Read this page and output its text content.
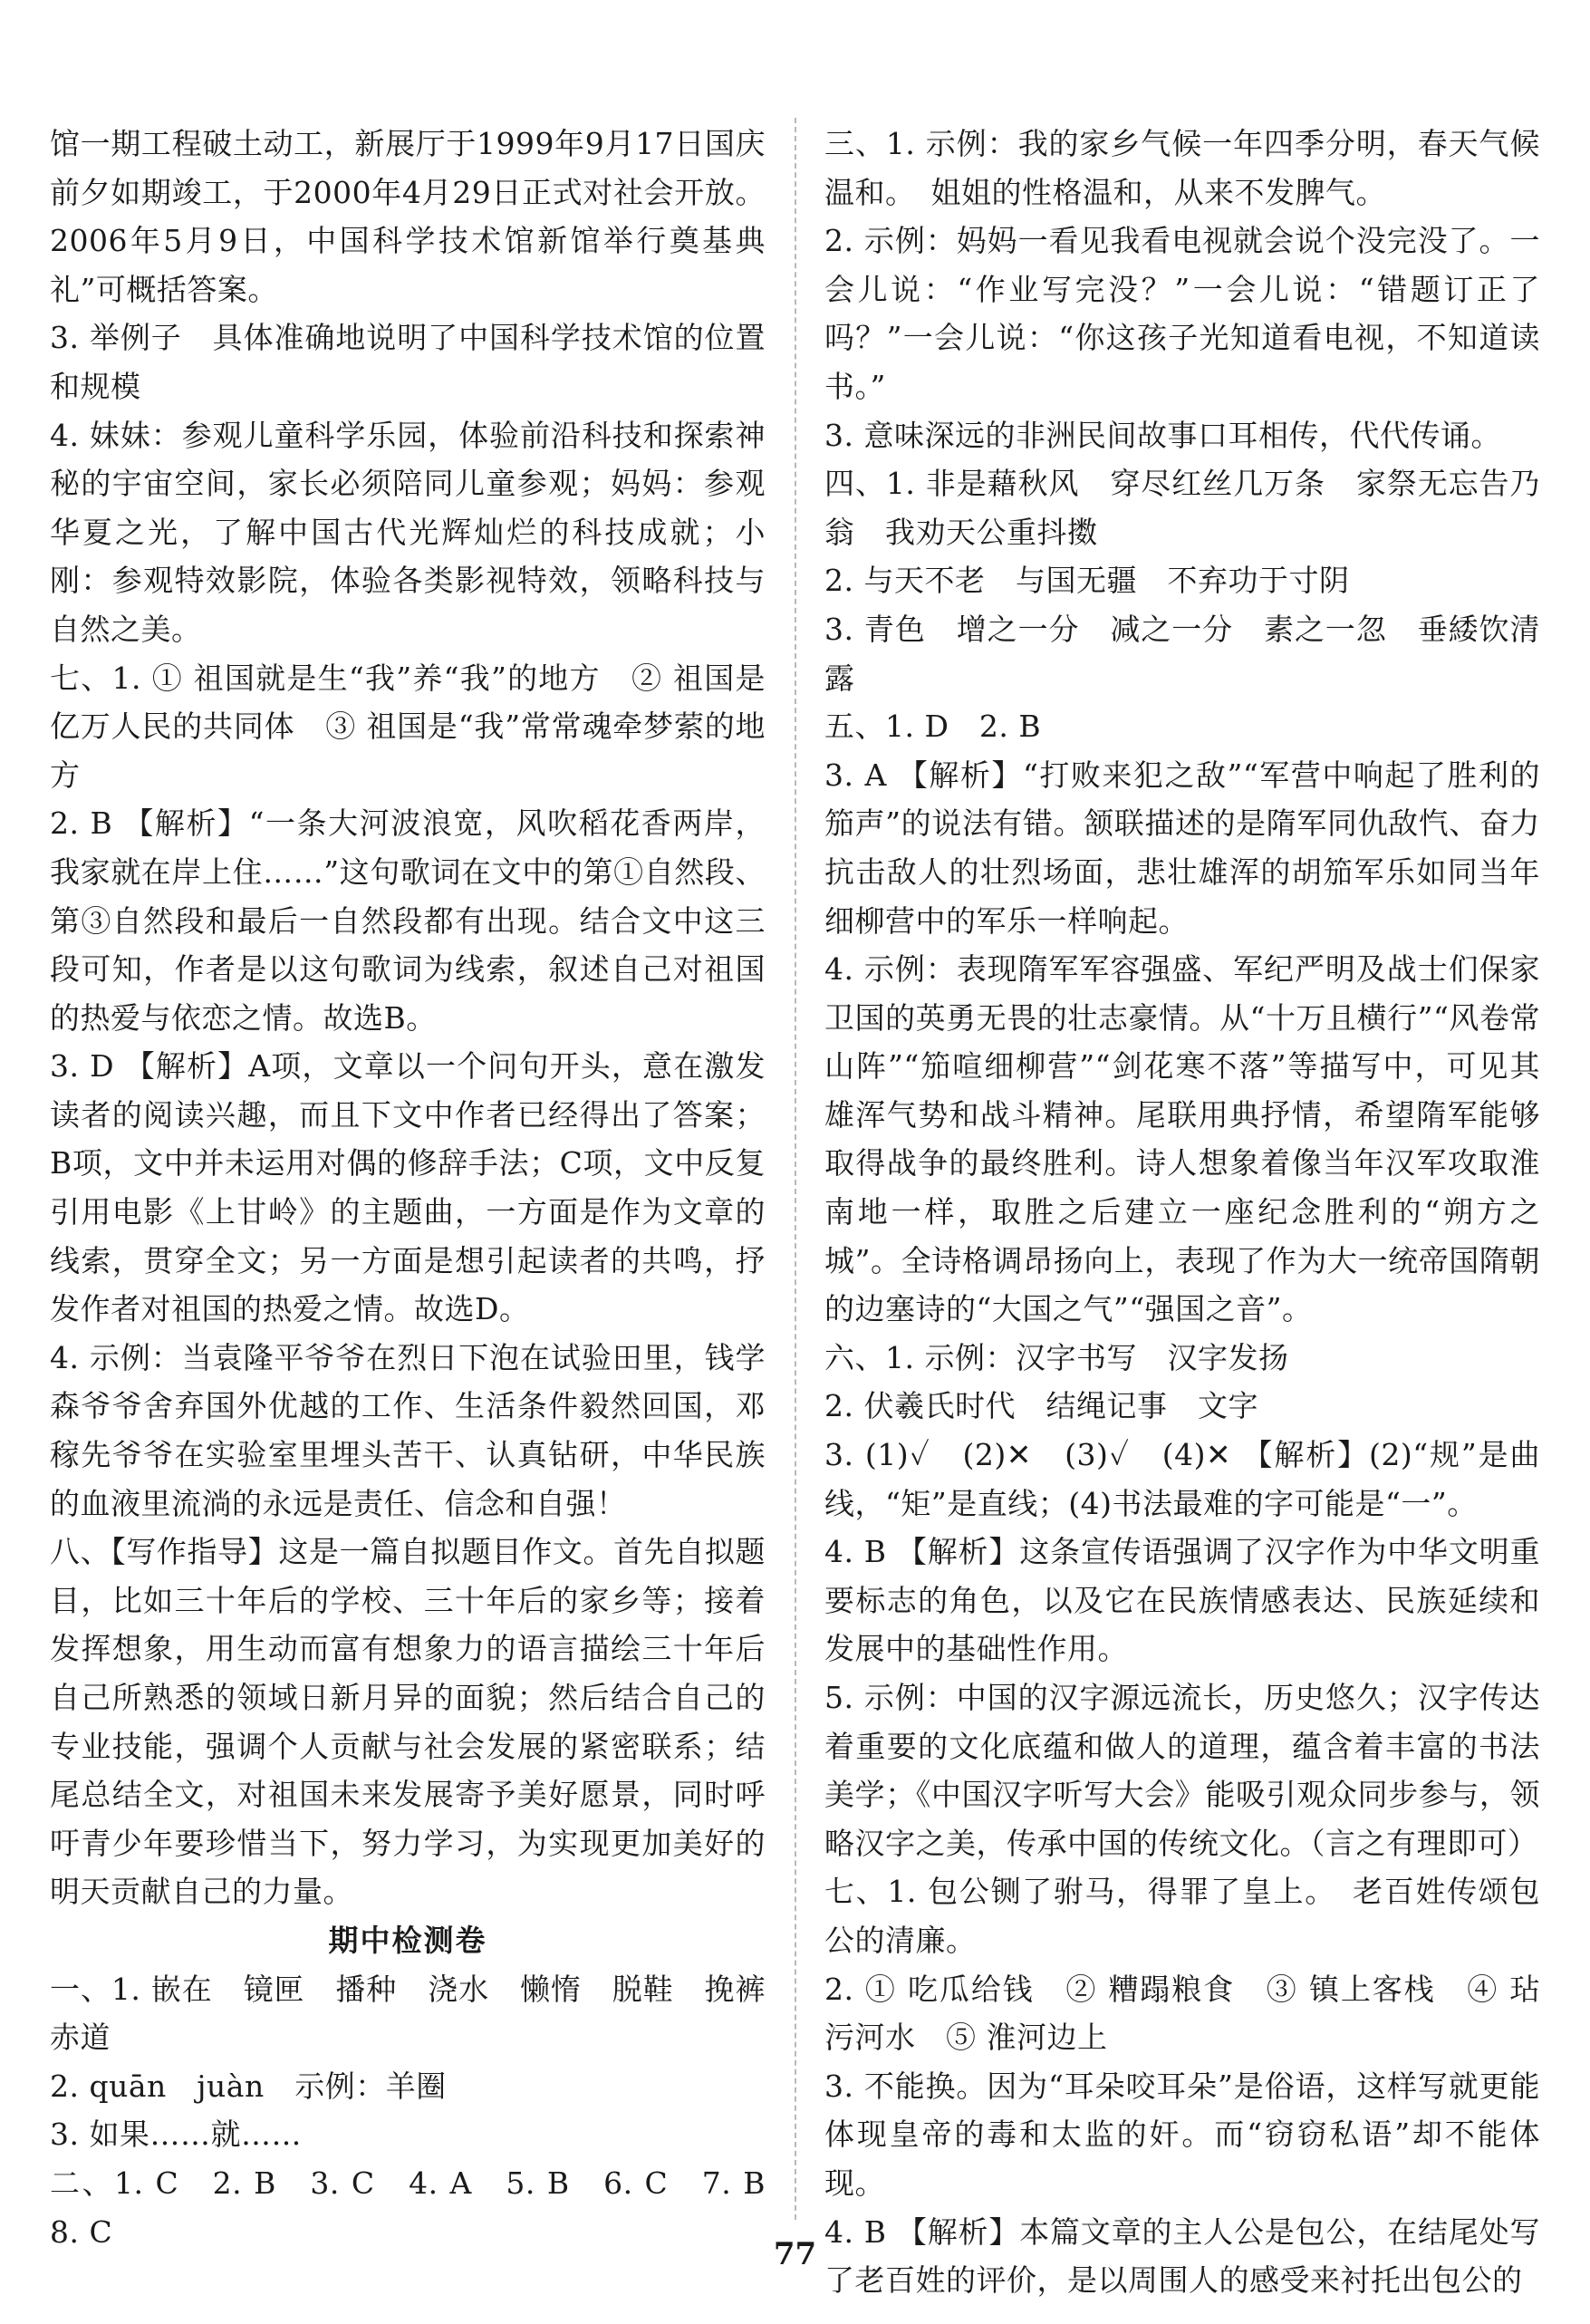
馆一期工程破土动工，新展厅于1999年9月17日国庆前夕如期竣工，于2000年4月29日正式对社会开放。2006年5月9日，中国科学技术馆新馆举行奠基典礼”可概括答案。

3. 举例子　具体准确地说明了中国科学技术馆的位置和规模

4. 妹妹：参观儿童科学乐园，体验前沿科技和探索神秘的宇宙空间，家长必须陪同儿童参观；妈妈：参观华夏之光，了解中国古代光辉灿烂的科技成就；小刚：参观特效影院，体验各类影视特效，领略科技与自然之美。

七、1. ① 祖国就是生“我”养“我”的地方　② 祖国是亿万人民的共同体　③ 祖国是“我”常常魂牵梦萦的地方

2. B 【解析】“一条大河波浪宽，风吹稻花香两岸，我家就在岸上住……”这句歌词在文中的第①自然段、第③自然段和最后一自然段都有出现。结合文中这三段可知，作者是以这句歌词为线索，叙述自己对祖国的热爱与依恋之情。故选B。

3. D 【解析】A项，文章以一个问句开头，意在激发读者的阅读兴趣，而且下文中作者已经得出了答案；B项，文中并未运用对偶的修辞手法；C项，文中反复引用电影《上甘岭》的主题曲，一方面是作为文章的线索，贯穿全文；另一方面是想引起读者的共鸣，抒发作者对祖国的热爱之情。故选D。

4. 示例：当袁隆平爷爷在烈日下泡在试验田里，钱学森爷爷舍弃国外优越的工作、生活条件毅然回国，邓稼先爷爷在实验室里埋头苦干、认真钻研，中华民族的血液里流淌的永远是责任、信念和自强！

八、【写作指导】这是一篇自拟题目作文。首先自拟题目，比如三十年后的学校、三十年后的家乡等；接着发挥想象，用生动而富有想象力的语言描绘三十年后自己所熟悉的领域日新月异的面貌；然后结合自己的专业技能，强调个人贡献与社会发展的紧密联系；结尾总结全文，对祖国未来发展寄予美好愿景，同时呼吁青少年要珍惜当下，努力学习，为实现更加美好的明天贡献自己的力量。

期中检测卷

一、1. 嵌在　镜匣　播种　浇水　懒惰　脱鞋　挽裤　赤道

2. quān　juàn　示例：羊圈

3. 如果……就……

二、1. C　2. B　3. C　4. A　5. B　6. C　7. B　8. C

三、1. 示例：我的家乡气候一年四季分明，春天气候温和。　姐姐的性格温和，从来不发脾气。

2. 示例：妈妈一看见我看电视就会说个没完没了。一会儿说：“作业写完没？”一会儿说：“错题订正了吗？”一会儿说：“你这孩子光知道看电视，不知道读书。”

3. 意味深远的非洲民间故事口耳相传，代代传诵。

四、1. 非是藉秋风　穿尽红丝几万条　家祭无忘告乃翁　我劝天公重抖擞

2. 与天不老　与国无疆　不弃功于寸阴

3. 青色　增之一分　减之一分　素之一忽　垂緌饮清露

五、1. D　2. B

3. A 【解析】“打败来犯之敌”“军营中响起了胜利的笳声”的说法有错。颔联描述的是隋军同仇敌忾、奋力抗击敌人的壮烈场面，悲壮雄浑的胡笳军乐如同当年细柳营中的军乐一样响起。

4. 示例：表现隋军军容强盛、军纪严明及战士们保家卫国的英勇无畏的壮志豪情。从“十万且横行”“风卷常山阵”“笳喧细柳营”“剑花寒不落”等描写中，可见其雄浑气势和战斗精神。尾联用典抒情，希望隋军能够取得战争的最终胜利。诗人想象着像当年汉军攻取淮南地一样，取胜之后建立一座纪念胜利的“朔方之城”。全诗格调昂扬向上，表现了作为大一统帝国隋朝的边塞诗的“大国之气”“强国之音”。

六、1. 示例：汉字书写　汉字发扬

2. 伏羲氏时代　结绳记事　文字

3. (1)✓　(2)✕　(3)✓　(4)✕ 【解析】(2)“规”是曲线，“矩”是直线；(4)书法最难的字可能是“一”。

4. B 【解析】这条宣传语强调了汉字作为中华文明重要标志的角色，以及它在民族情感表达、民族延续和发展中的基础性作用。

5. 示例：中国的汉字源远流长，历史悠久；汉字传达着重要的文化底蕴和做人的道理，蕴含着丰富的书法美学；《中国汉字听写大会》能吸引观众同步参与，领略汉字之美，传承中国的传统文化。（言之有理即可）

七、1. 包公铡了驸马，得罪了皇上。　老百姓传颂包公的清廉。

2. ① 吃瓜给钱　② 糟蹋粮食　③ 镇上客栈　④ 玷污河水　⑤ 淮河边上

3. 不能换。因为“耳朵咬耳朵”是俗语，这样写就更能体现皇帝的毒和太监的奸。而“窃窃私语”却不能体现。

4. B 【解析】本篇文章的主人公是包公，在结尾处写了老百姓的评价，是以周围人的感受来衬托出包公的

77
